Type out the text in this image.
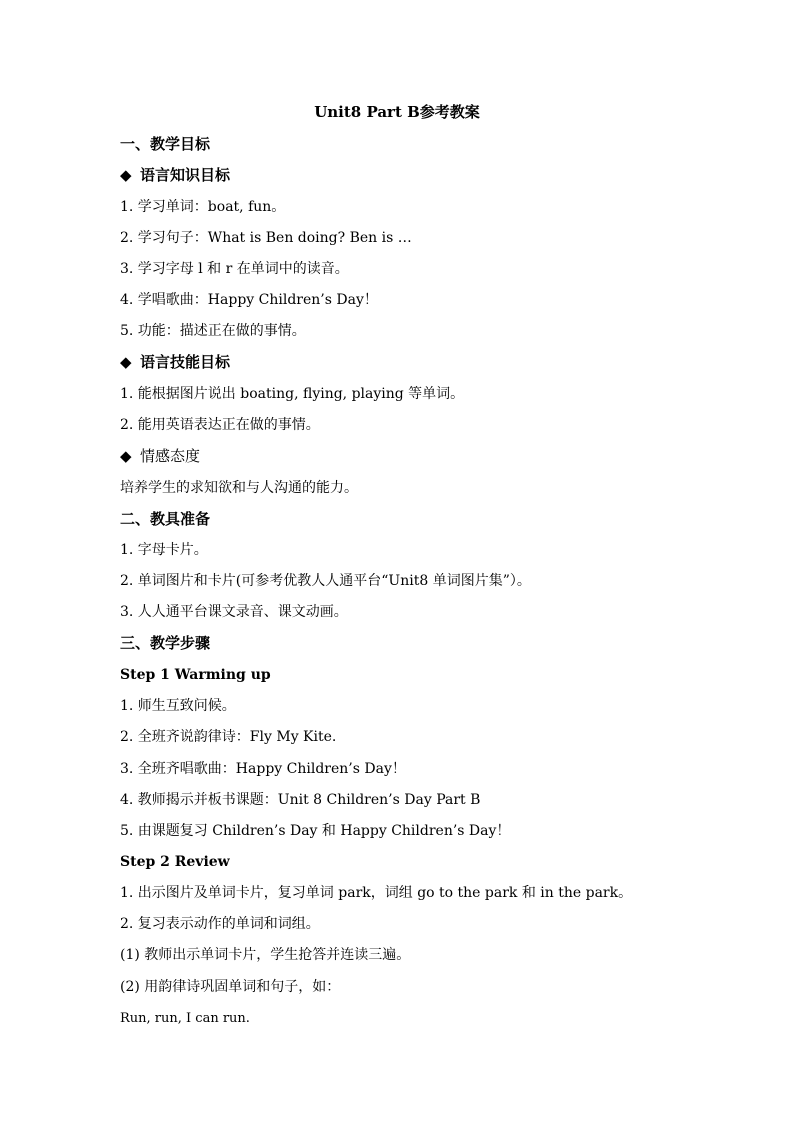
Unit8 Part B参考教案
一、教学目标
◆ 语言知识目标
1. 学习单词：boat, fun。
2. 学习句子：What is Ben doing? Ben is …
3. 学习字母 l 和 r 在单词中的读音。
4. 学唱歌曲：Happy Children’s Day！
5. 功能：描述正在做的事情。
◆ 语言技能目标
1. 能根据图片说出 boating, flying, playing 等单词。
2. 能用英语表达正在做的事情。
◆ 情感态度
培养学生的求知欲和与人沟通的能力。
二、教具准备
1. 字母卡片。
2. 单词图片和卡片(可参考优教人人通平台“Unit8 单词图片集”）。
3. 人人通平台课文录音、课文动画。
三、教学步骤
Step 1 Warming up
1. 师生互致问候。
2. 全班齐说韵律诗：Fly My Kite.
3. 全班齐唱歌曲：Happy Children’s Day！
4. 教师揭示并板书课题：Unit 8 Children’s Day Part B
5. 由课题复习 Children’s Day 和 Happy Children’s Day！
Step 2 Review
1. 出示图片及单词卡片，复习单词 park，词组 go to the park 和 in the park。
2. 复习表示动作的单词和词组。
(1) 教师出示单词卡片，学生抢答并连读三遍。
(2) 用韵律诗巩固单词和句子，如：
Run, run, I can run.
